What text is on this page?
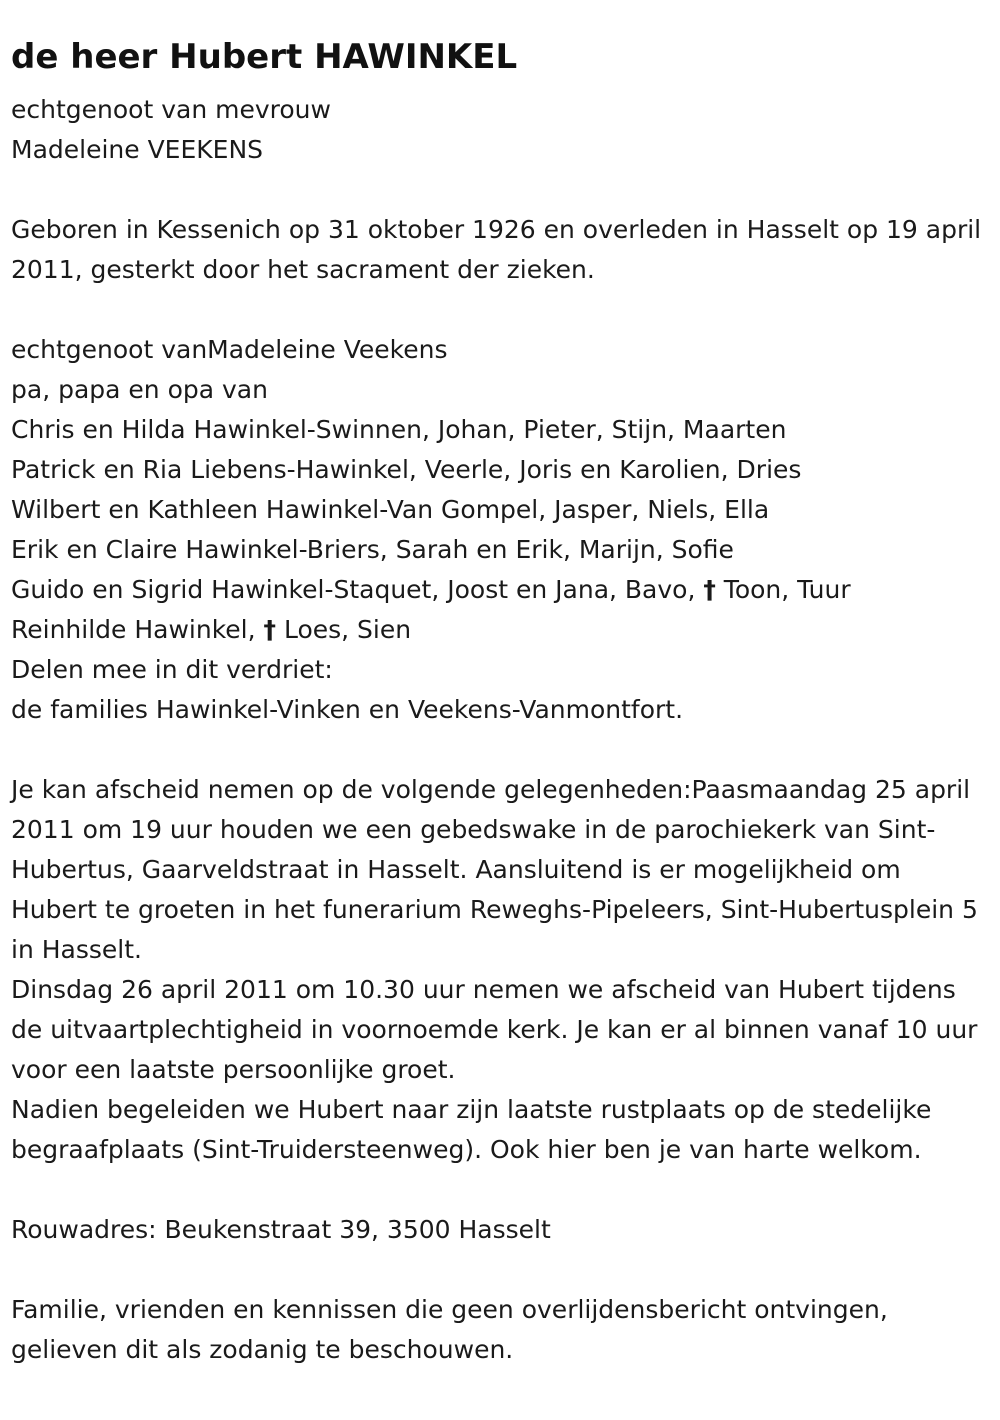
de heer Hubert HAWINKEL
echtgenoot van mevrouw
Madeleine VEEKENS
Geboren in Kessenich op 31 oktober 1926 en overleden in Hasselt op 19 april 2011, gesterkt door het sacrament der zieken.
echtgenoot vanMadeleine Veekens
pa, papa en opa van
Chris en Hilda Hawinkel-Swinnen, Johan, Pieter, Stijn, Maarten
Patrick en Ria Liebens-Hawinkel, Veerle, Joris en Karolien, Dries
Wilbert en Kathleen Hawinkel-Van Gompel, Jasper, Niels, Ella
Erik en Claire Hawinkel-Briers, Sarah en Erik, Marijn, Sofie
Guido en Sigrid Hawinkel-Staquet, Joost en Jana, Bavo, † Toon, Tuur
Reinhilde Hawinkel, † Loes, Sien
Delen mee in dit verdriet:
de families Hawinkel-Vinken en Veekens-Vanmontfort.
Je kan afscheid nemen op de volgende gelegenheden:Paasmaandag 25 april 2011 om 19 uur houden we een gebedswake in de parochiekerk van Sint-Hubertus, Gaarveldstraat in Hasselt. Aansluitend is er mogelijkheid om Hubert te groeten in het funerarium Reweghs-Pipeleers, Sint-Hubertusplein 5 in Hasselt.
Dinsdag 26 april 2011 om 10.30 uur nemen we afscheid van Hubert tijdens de uitvaartplechtigheid in voornoemde kerk. Je kan er al binnen vanaf 10 uur voor een laatste persoonlijke groet.
Nadien begeleiden we Hubert naar zijn laatste rustplaats op de stedelijke begraafplaats (Sint-Truidersteenweg). Ook hier ben je van harte welkom.
Rouwadres: Beukenstraat 39, 3500 Hasselt
Familie, vrienden en kennissen die geen overlijdensbericht ontvingen, gelieven dit als zodanig te beschouwen.
